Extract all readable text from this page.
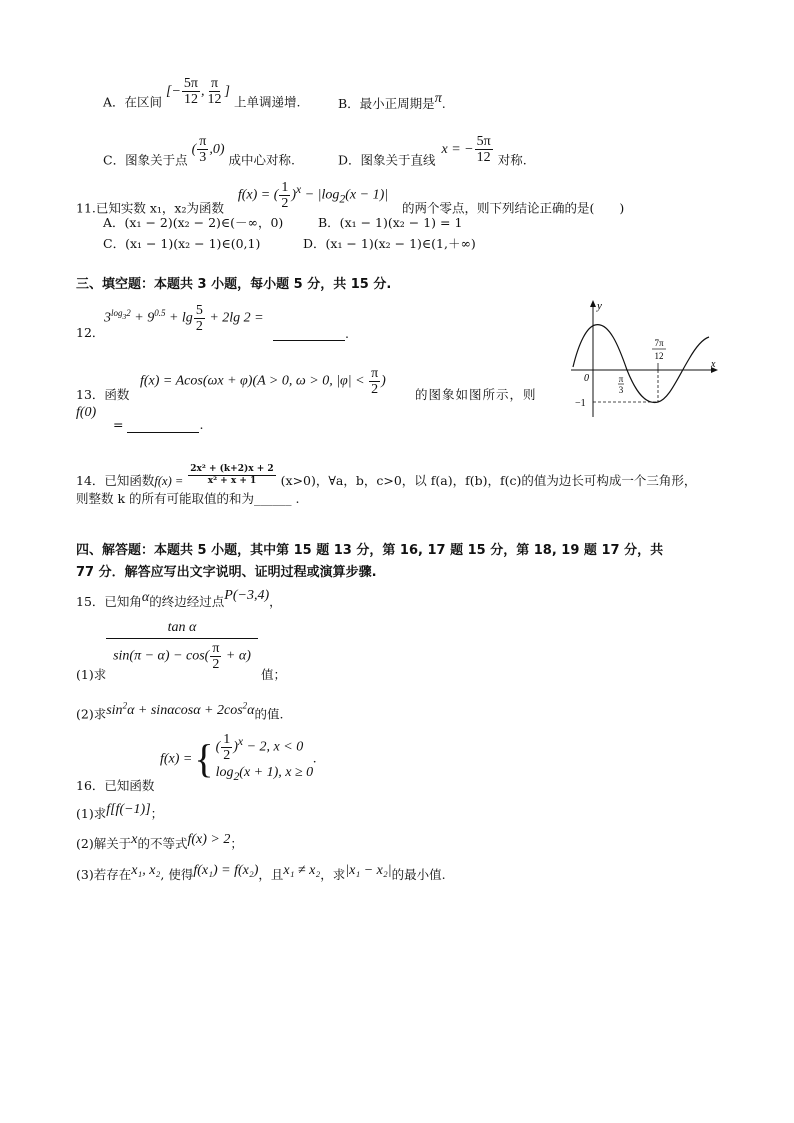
A．在区间 [− $\frac{5\pi}{12}$ , $\frac{\pi}{12}$ ] 上单调递增.	B．最小正周期是π.
C．图象关于点 ( $\frac{\pi}{3} ,0$) 成中心对称.	D．图象关于直线 x = − $\frac{5\pi}{12}$ 对称.
11.已知实数 x₁，x₂为函数 f(x) = ( $\frac{1}{2} )^x - |\log_2(x - 1)|$ 的两个零点，则下列结论正确的是(　　)
A．(x₁ − 2)(x₂ − 2)∈(－∞，0)	B．(x₁ − 1)(x₂ − 1) = 1
C．(x₁ − 1)(x₂ − 1)∈(0,1)	D．(x₁ − 1)(x₂ − 1)∈(1,＋∞)
三、填空题：本题共 3 小题，每小题 5 分，共 15 分.
12．
$3^{log_32} + 9^{0.5} + \lg \frac{5}{2} + 2\lg$ 2 =
.
f(x) = Acos(ωx + φ)(A > 0, ω > 0, $|\varphi| < \frac{\pi}{2}$ )
13．函数	的图象如图所示，则
f(0)
=	.
y
x
0	π
3
7π
12
−1
14．已知函数$f(x) = \frac{\text{2x² + (k+2)x + 2}}{\text{x² + x + 1}} (x>0)$，∀a，b，c>0，以 f(a)，f(b)，f(c)的值为边长可构成一个三角形，
则整数 k 的所有可能取值的和为______ .
四、解答题：本题共 5 小题，其中第 15 题 13 分，第 16, 17 题 15 分，第 18, 19 题 17 分，共
77 分．解答应写出文字说明、证明过程或演算步骤.
15．已知角α的终边经过点P(−3,4)，
$\frac{\text{tan α}}{\sin(\pi - \alpha) - \cos( \frac{\pi}{2} + \alpha)}$
(1)求	值；
(2)求$\sin^2\alpha + \sin\alpha\cos\alpha + 2\cos^2\alpha$的值.
f(x) ={ ( $\frac{1}{2} )^x - 2$, x < 0
$\log_2(x + 1)$, x ≥ 0
.
16．已知函数
(1)求f[f(−1)]；
(2)解关于x的不等式f(x) > 2；
(3)若存在x₁, x₂, 使得f(x₁) = f(x₂)，且x₁ ≠ x₂，求|x₁ − x₂|的最小值.
